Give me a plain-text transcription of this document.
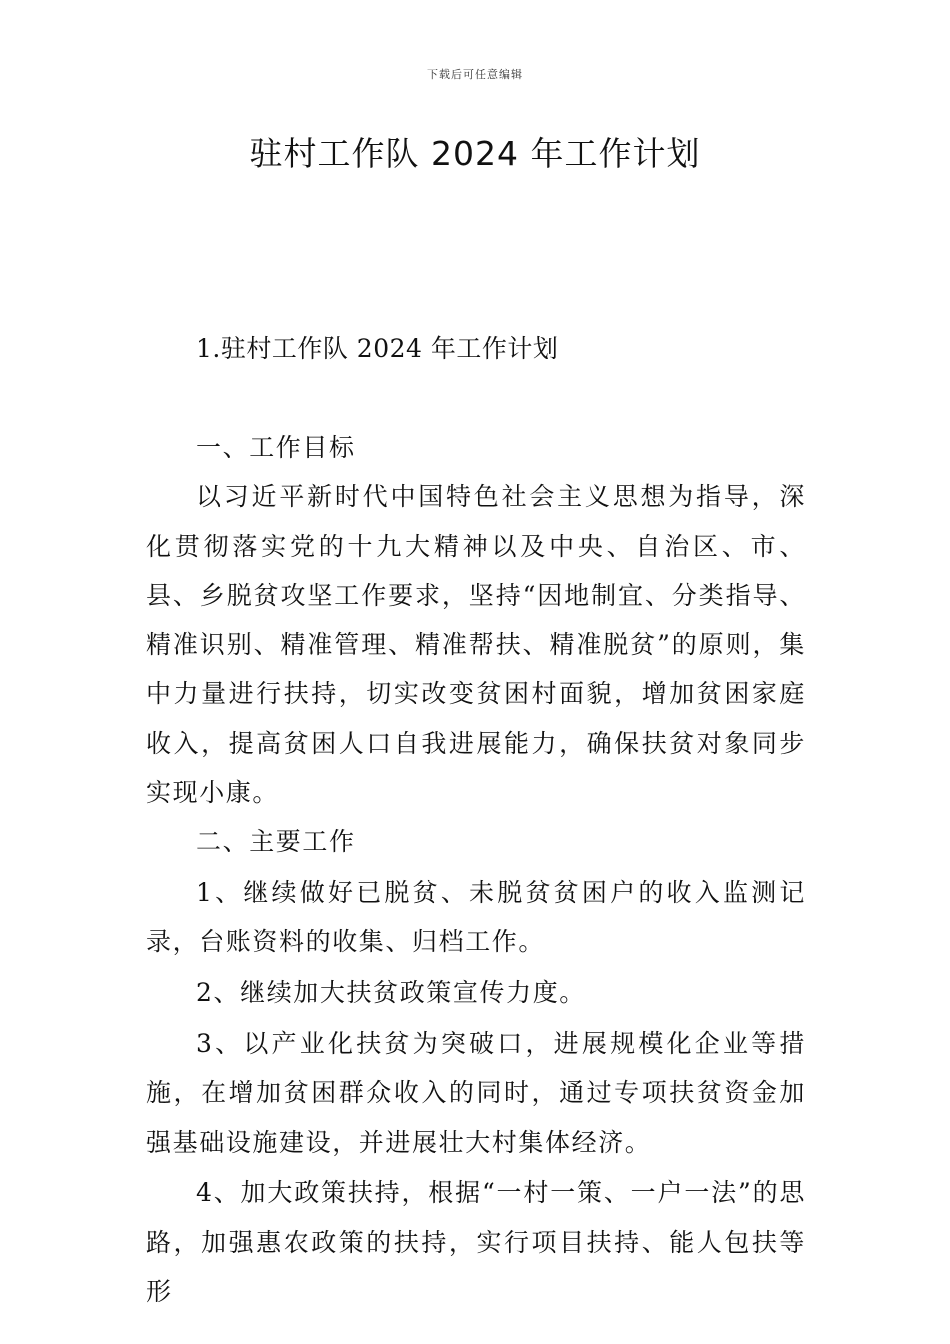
下载后可任意编辑
驻村工作队 2024 年工作计划
1.驻村工作队 2024 年工作计划

一、工作目标

以习近平新时代中国特色社会主义思想为指导，深化贯彻落实党的十九大精神以及中央、自治区、市、县、乡脱贫攻坚工作要求，坚持“因地制宜、分类指导、精准识别、精准管理、精准帮扶、精准脱贫”的原则，集中力量进行扶持，切实改变贫困村面貌，增加贫困家庭收入，提高贫困人口自我进展能力，确保扶贫对象同步实现小康。

二、主要工作

1、继续做好已脱贫、未脱贫贫困户的收入监测记录，台账资料的收集、归档工作。

2、继续加大扶贫政策宣传力度。

3、以产业化扶贫为突破口，进展规模化企业等措施，在增加贫困群众收入的同时，通过专项扶贫资金加强基础设施建设，并进展壮大村集体经济。

4、加大政策扶持，根据“一村一策、一户一法”的思路，加强惠农政策的扶持，实行项目扶持、能人包扶等形
